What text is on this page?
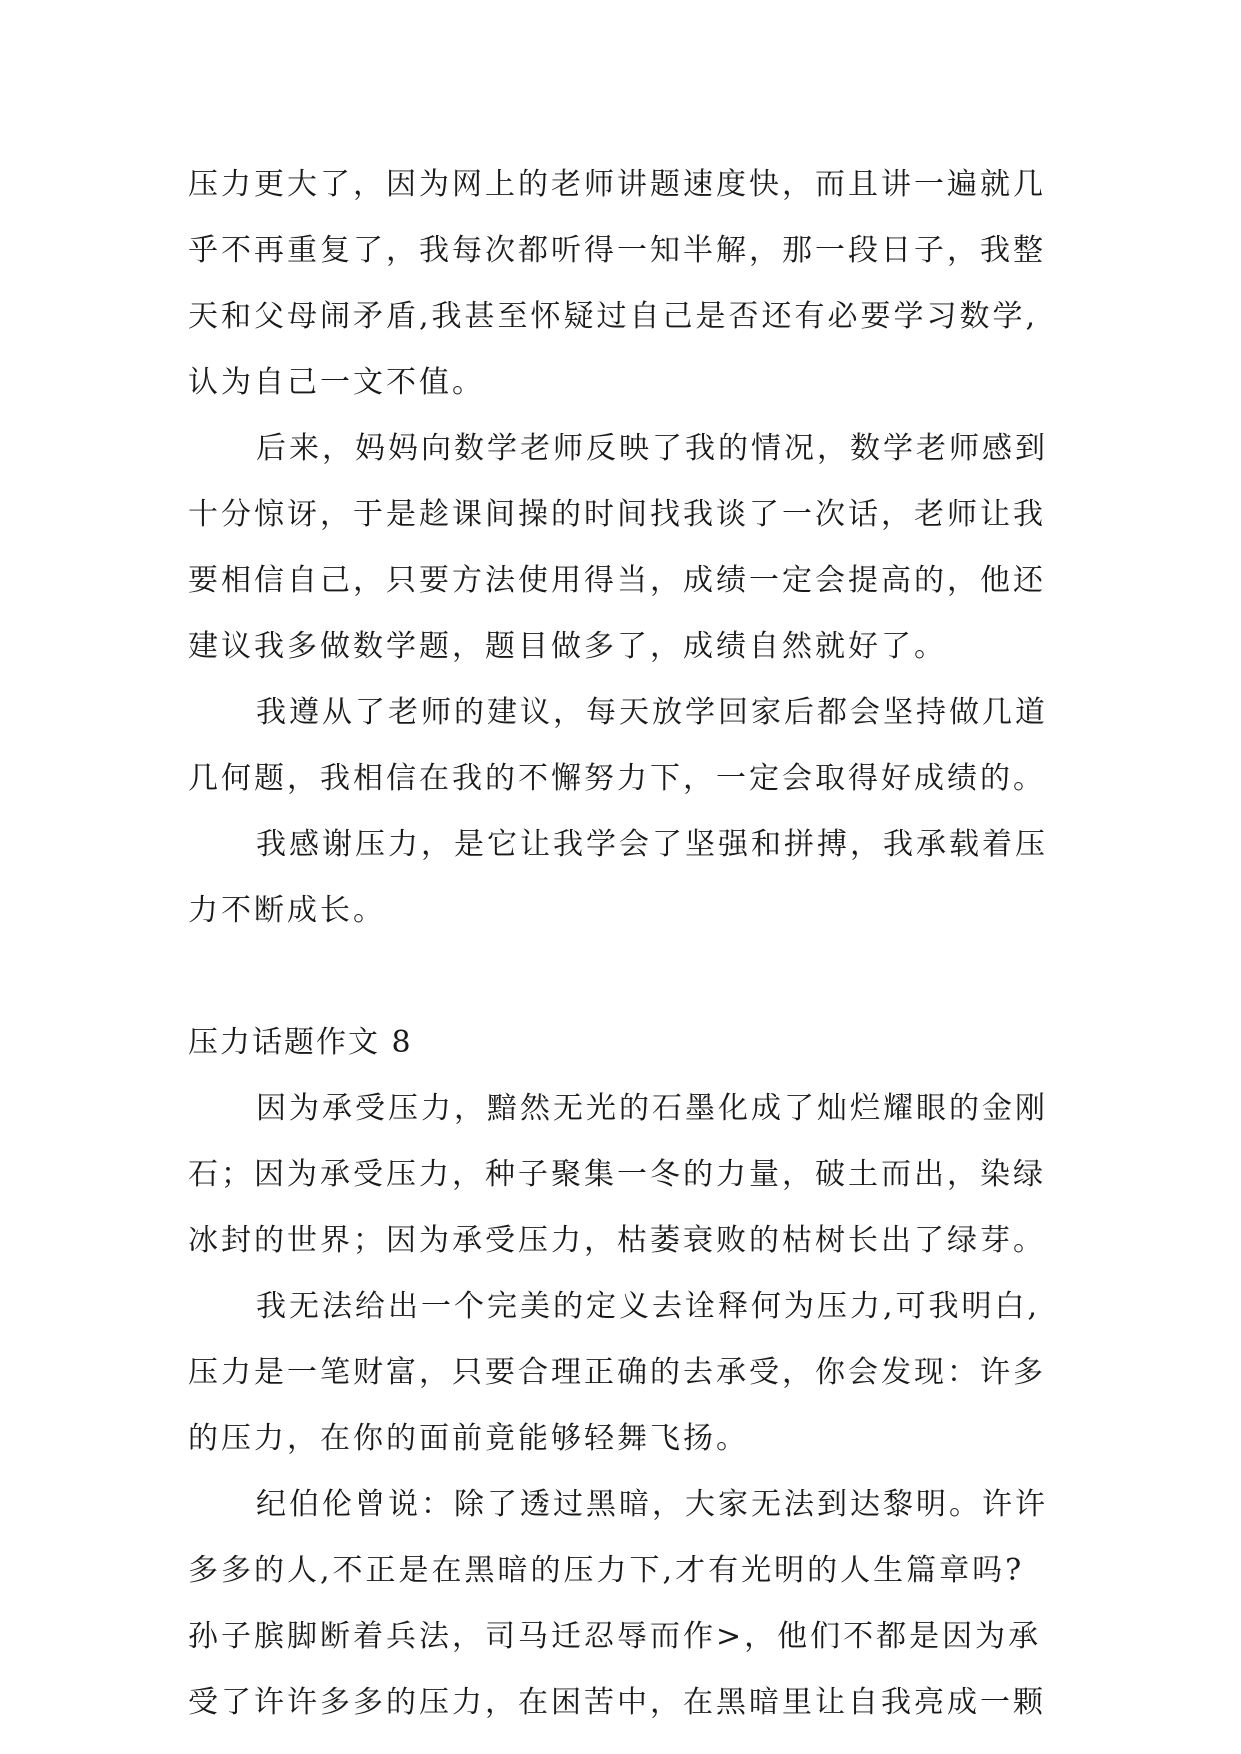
压力更大了，因为网上的老师讲题速度快，而且讲一遍就几
乎不再重复了，我每次都听得一知半解，那一段日子，我整
天和父母闹矛盾,我甚至怀疑过自己是否还有必要学习数学,
认为自己一文不值。
后来，妈妈向数学老师反映了我的情况，数学老师感到
十分惊讶，于是趁课间操的时间找我谈了一次话，老师让我
要相信自己，只要方法使用得当，成绩一定会提高的，他还
建议我多做数学题，题目做多了，成绩自然就好了。
我遵从了老师的建议，每天放学回家后都会坚持做几道
几何题，我相信在我的不懈努力下，一定会取得好成绩的。
我感谢压力，是它让我学会了坚强和拼搏，我承载着压
力不断成长。
压力话题作文 8
因为承受压力，黯然无光的石墨化成了灿烂耀眼的金刚
石；因为承受压力，种子聚集一冬的力量，破土而出，染绿
冰封的世界；因为承受压力，枯萎衰败的枯树长出了绿芽。
我无法给出一个完美的定义去诠释何为压力,可我明白,
压力是一笔财富，只要合理正确的去承受，你会发现：许多
的压力，在你的面前竟能够轻舞飞扬。
纪伯伦曾说：除了透过黑暗，大家无法到达黎明。许许
多多的人,不正是在黑暗的压力下,才有光明的人生篇章吗?
孙子膑脚断着兵法，司马迁忍辱而作>，他们不都是因为承
受了许许多多的压力，在困苦中，在黑暗里让自我亮成一颗
